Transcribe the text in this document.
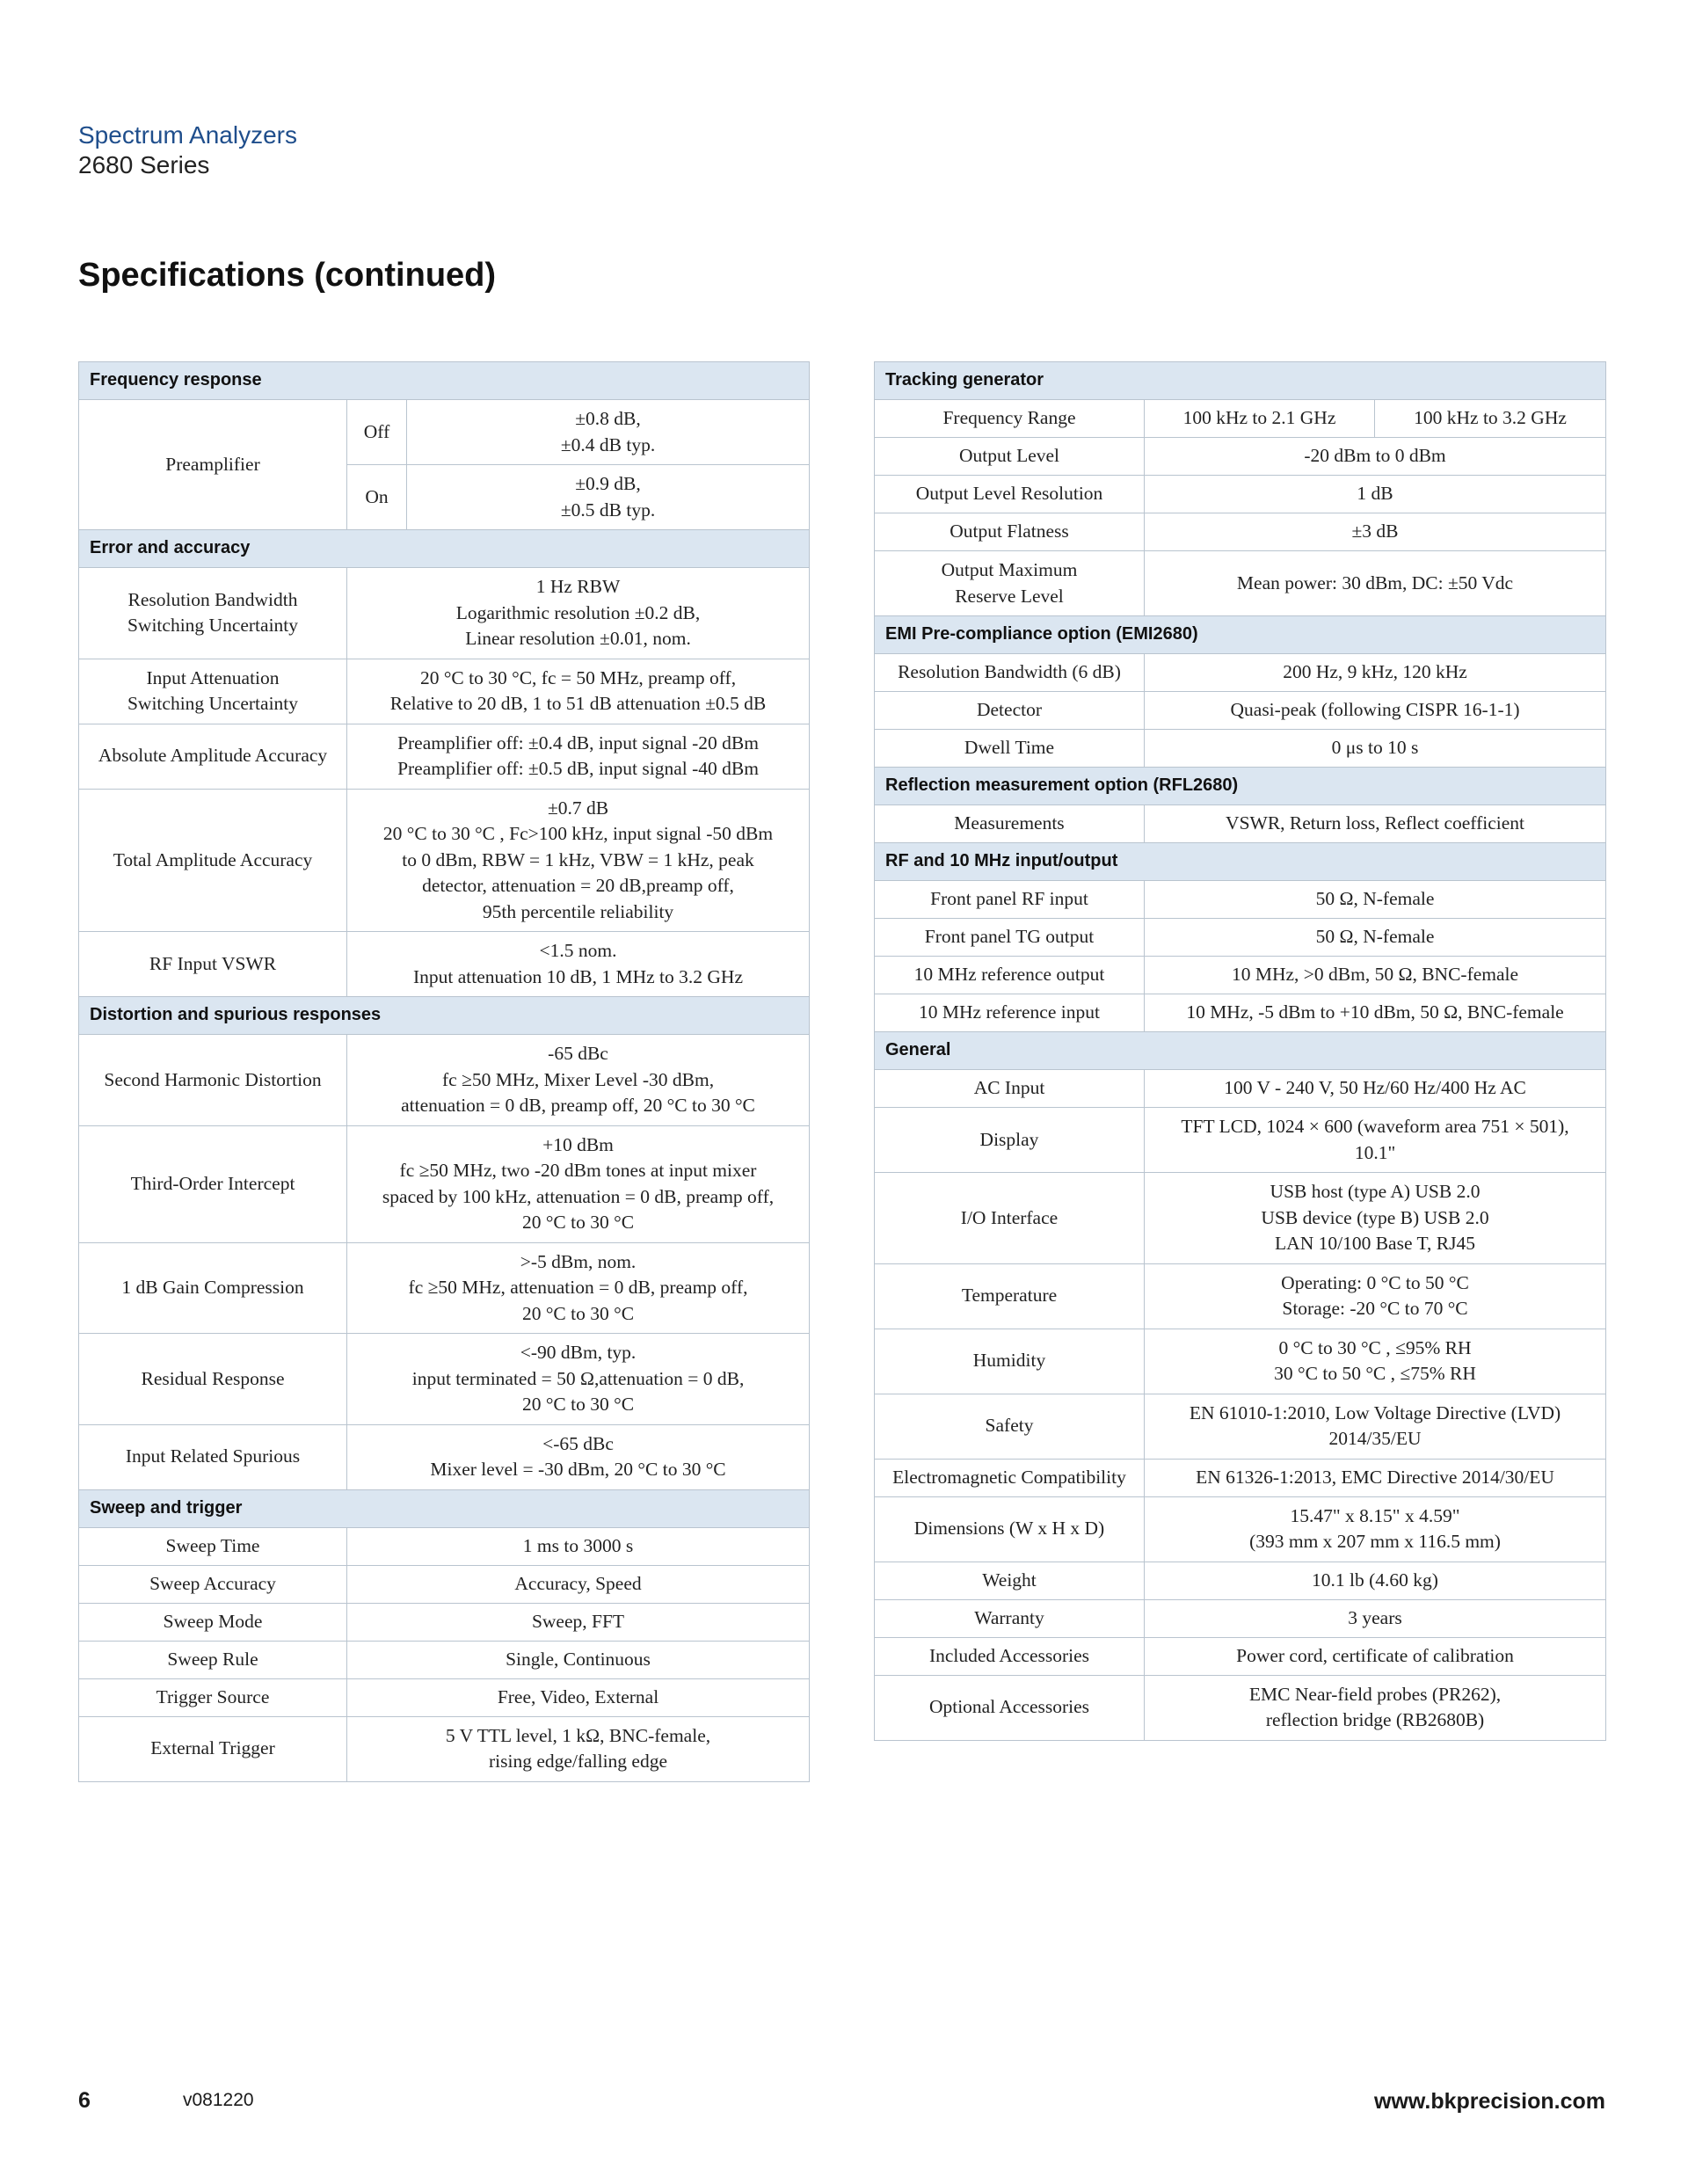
Spectrum Analyzers
2680 Series
Specifications (continued)
Frequency response		
Preamplifier	Off	±0.8 dB,
±0.4 dB typ.
	On	±0.9 dB,
±0.5 dB typ.
Error and accuracy		
Resolution Bandwidth
Switching Uncertainty	1 Hz RBW
Logarithmic resolution ±0.2 dB,
Linear resolution ±0.01, nom.	
Input Attenuation
Switching Uncertainty	20 °C to 30 °C, fc = 50 MHz, preamp off,
Relative to 20 dB, 1 to 51 dB attenuation ±0.5 dB	
Absolute Amplitude Accuracy	Preamplifier off: ±0.4 dB, input signal -20 dBm
Preamplifier off: ±0.5 dB, input signal -40 dBm	
Total Amplitude Accuracy	±0.7 dB
20 °C to 30 °C , Fc>100 kHz, input signal -50 dBm
to 0 dBm, RBW = 1 kHz, VBW = 1 kHz, peak
detector, attenuation = 20 dB,preamp off,
95th percentile reliability	
RF Input VSWR	<1.5 nom.
Input attenuation 10 dB, 1 MHz to 3.2 GHz	
Distortion and spurious responses		
Second Harmonic Distortion	-65 dBc
fc ≥50 MHz, Mixer Level -30 dBm,
attenuation = 0 dB, preamp off, 20 °C to 30 °C	
Third-Order Intercept	+10 dBm
fc ≥50 MHz, two -20 dBm tones at input mixer
spaced by 100 kHz, attenuation = 0 dB, preamp off,
20 °C to 30 °C	
1 dB Gain Compression	>-5 dBm, nom.
fc ≥50 MHz, attenuation = 0 dB, preamp off,
20 °C to 30 °C	
Residual Response	<-90 dBm, typ.
input terminated = 50 Ω,attenuation = 0 dB,
20 °C to 30 °C	
Input Related Spurious	<-65 dBc
Mixer level = -30 dBm, 20 °C to 30 °C	
Sweep and trigger		
Sweep Time	1 ms to 3000 s	
Sweep Accuracy	Accuracy, Speed	
Sweep Mode	Sweep, FFT	
Sweep Rule	Single, Continuous	
Trigger Source	Free, Video, External	
External Trigger	5 V TTL level, 1 kΩ, BNC-female,
rising edge/falling edge	
Tracking generator		
Frequency Range	100 kHz to 2.1 GHz	100 kHz to 3.2 GHz
Output Level	-20 dBm to 0 dBm	
Output Level Resolution	1 dB	
Output Flatness	±3 dB	
Output Maximum
Reserve Level	Mean power: 30 dBm, DC: ±50 Vdc	
EMI Pre-compliance option (EMI2680)		
Resolution Bandwidth (6 dB)	200 Hz, 9 kHz, 120 kHz	
Detector	Quasi-peak (following CISPR 16-1-1)	
Dwell Time	0 μs to 10 s	
Reflection measurement option (RFL2680)		
Measurements	VSWR, Return loss, Reflect coefficient	
RF and 10 MHz input/output		
Front panel RF input	50 Ω, N-female	
Front panel TG output	50 Ω, N-female	
10 MHz reference output	10 MHz, >0 dBm, 50 Ω, BNC-female	
10 MHz reference input	10 MHz, -5 dBm to +10 dBm, 50 Ω, BNC-female	
General		
AC Input	100 V - 240 V, 50 Hz/60 Hz/400 Hz AC	
Display	TFT LCD, 1024 × 600 (waveform area 751 × 501),
10.1"	
I/O Interface	USB host (type A) USB 2.0
USB device (type B) USB 2.0
LAN 10/100 Base T, RJ45	
Temperature	Operating: 0 °C to 50 °C
Storage: -20 °C to 70 °C	
Humidity	0 °C to 30 °C , ≤95% RH
30 °C to 50 °C , ≤75% RH	
Safety	EN 61010-1:2010, Low Voltage Directive (LVD)
2014/35/EU	
Electromagnetic Compatibility	EN 61326-1:2013, EMC Directive 2014/30/EU	
Dimensions (W x H x D)	15.47" x 8.15" x 4.59"
(393 mm x 207 mm x 116.5 mm)	
Weight	10.1 lb (4.60 kg)	
Warranty	3 years	
Included Accessories	Power cord, certificate of calibration	
Optional Accessories	EMC Near-field probes (PR262),
reflection bridge (RB2680B)	
6	v081220	www.bkprecision.com
